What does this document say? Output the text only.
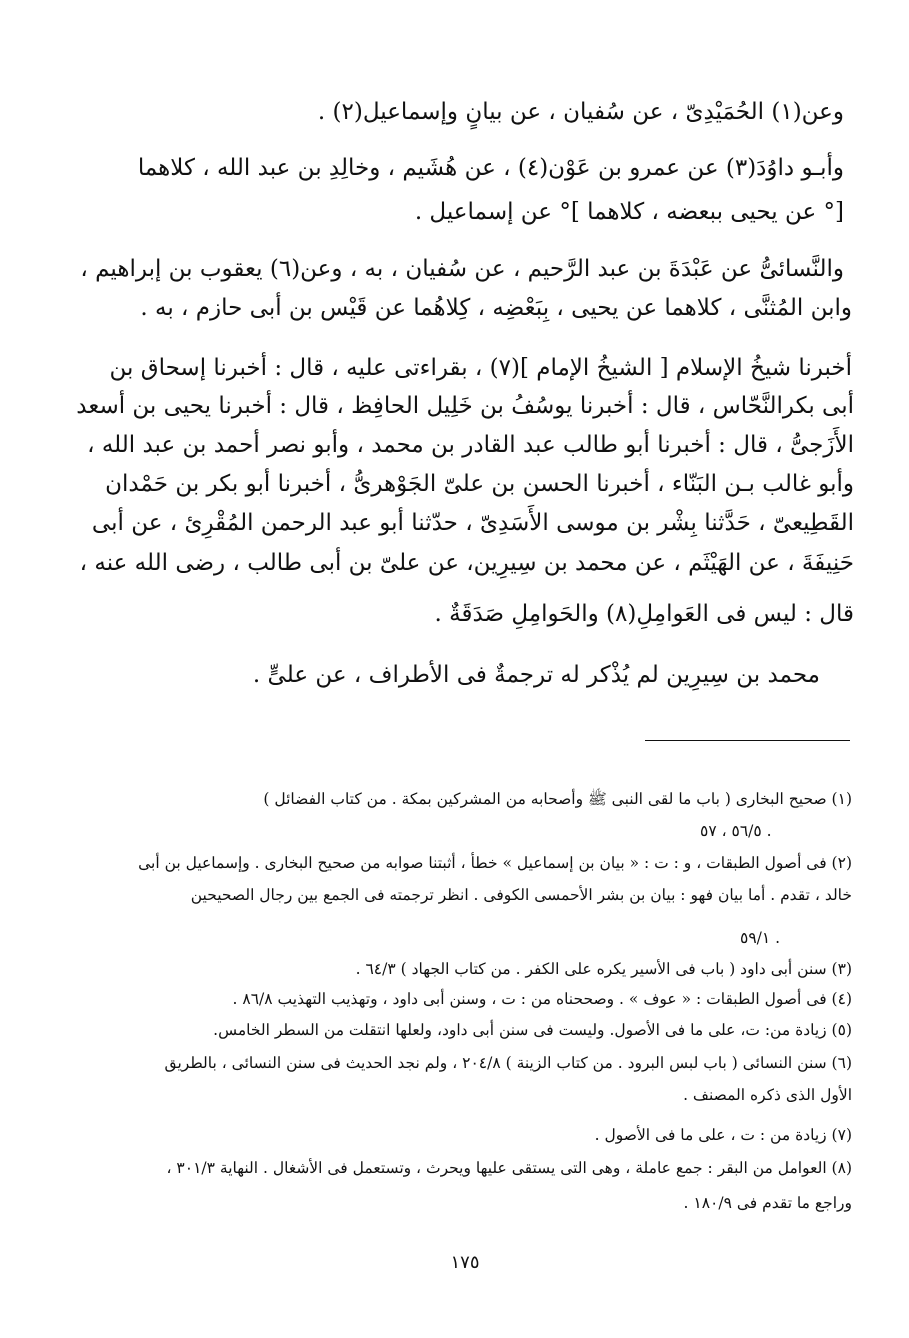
وعن(١) الحُمَيْدِىّ ، عن سُفيان ، عن بيانٍ وإسماعيل(٢) .
وأبـو داوُدَ(٣) عن عمرو بن عَوْن(٤) ، عن هُشَيم ، وخالِدِ بن عبد الله ، كلاهما
[° عن يحيى ببعضه ، كلاهما ]° عن إسماعيل .
والنَّسائىُّ عن عَبْدَةَ بن عبد الرَّحيم ، عن سُفيان ، به ، وعن(٦) يعقوب بن إبراهيم ،
وابن المُثنَّى ، كلاهما عن يحيى ، بِبَعْضِه ، كِلاهُما عن قَيْس بن أبى حازم ، به .
أخبرنا شيخُ الإسلام [ الشيخُ الإمام ](٧) ، بقراءتى عليه ، قال : أخبرنا إسحاق بن
أبى بكرالنَّحّاس ، قال : أخبرنا يوسُفُ بن خَلِيل الحافِظ ، قال : أخبرنا يحيى بن أسعد
الأَزَجىُّ ، قال : أخبرنا أبو طالب عبد القادر بن محمد ، وأبو نصر أحمد بن عبد الله ،
وأبو غالب بـن البَنّاء ، أخبرنا الحسن بن علىّ الجَوْهرىُّ ، أخبرنا أبو بكر بن حَمْدان
القَطِيعىّ ، حَدَّثنا بِشْر بن موسى الأَسَدِىّ ، حدّثنا أبو عبد الرحمن المُقْرِىٔ ، عن أبى
حَنِيفَةَ ، عن الهَيْثَم ، عن محمد بن سِيرِين، عن علىّ بن أبى طالب ، رضى الله عنه ،
قال : ليس فى العَوامِلِ(٨) والحَوامِلِ صَدَقَةٌ .
محمد بن سِيرِين لم يُذْكر له ترجمةٌ فى الأطراف ، عن علىٍّ .
(١) صحيح البخارى ( باب ما لقى النبى ﷺ وأصحابه من المشركين بمكة . من كتاب الفضائل )
٥٦/٥ ، ٥٧ .
(٢) فى أصول الطبقات ، و : ت : « بيان بن إسماعيل » خطأ ، أثبتنا صوابه من صحيح البخارى . وإسماعيل بن أبى
خالد ، تقدم . أما بيان فهو : بيان بن بشر الأحمسى الكوفى . انظر ترجمته فى الجمع بين رجال الصحيحين
٥٩/١ .
(٣) سنن أبى داود ( باب فى الأسير يكره على الكفر . من كتاب الجهاد ) ٦٤/٣ .
(٤) فى أصول الطبقات : « عوف » . وصححناه من : ت ، وسنن أبى داود ، وتهذيب التهذيب ٨٦/٨ .
(٥) زيادة من: ت، على ما فى الأصول. وليست فى سنن أبى داود، ولعلها انتقلت من السطر الخامس.
(٦) سنن النسائى ( باب لبس البرود . من كتاب الزينة ) ٢٠٤/٨ ، ولم نجد الحديث فى سنن النسائى ، بالطريق
الأول الذى ذكره المصنف .
(٧) زيادة من : ت ، على ما فى الأصول .
(٨) العوامل من البقر : جمع عاملة ، وهى التى يستقى عليها ويحرث ، وتستعمل فى الأشغال . النهاية ٣٠١/٣ ،
وراجع ما تقدم فى ١٨٠/٩ .
١٧٥
